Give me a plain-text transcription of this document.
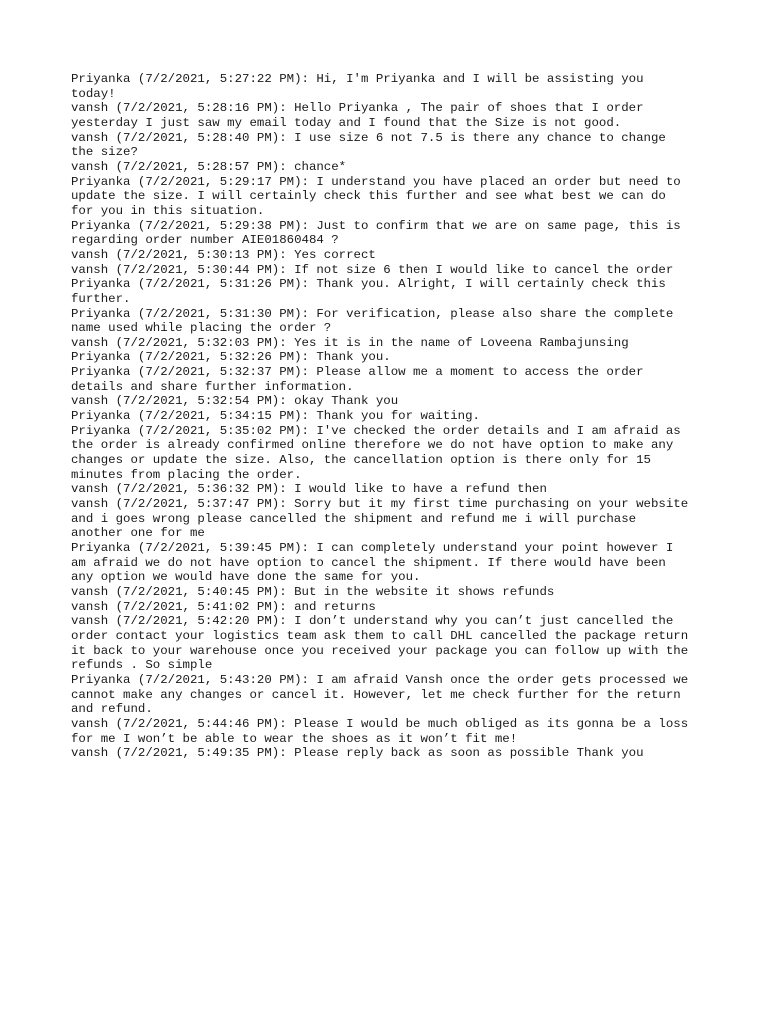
Priyanka (7/2/2021, 5:27:22 PM): Hi, I'm Priyanka and I will be assisting you
today!

vansh (7/2/2021, 5:28:16 PM): Hello Priyanka , The pair of shoes that I order
yesterday I just saw my email today and I found that the Size is not good.

vansh (7/2/2021, 5:28:40 PM): I use size 6 not 7.5 is there any chance to change
the size?

vansh (7/2/2021, 5:28:57 PM): chance*

Priyanka (7/2/2021, 5:29:17 PM): I understand you have placed an order but need to
update the size. I will certainly check this further and see what best we can do
for you in this situation.

Priyanka (7/2/2021, 5:29:38 PM): Just to confirm that we are on same page, this is
regarding order number AIE01860484 ?

vansh (7/2/2021, 5:30:13 PM): Yes correct

vansh (7/2/2021, 5:30:44 PM): If not size 6 then I would like to cancel the order

Priyanka (7/2/2021, 5:31:26 PM): Thank you. Alright, I will certainly check this
further.

Priyanka (7/2/2021, 5:31:30 PM): For verification, please also share the complete
name used while placing the order ?

vansh (7/2/2021, 5:32:03 PM): Yes it is in the name of Loveena Rambajunsing

Priyanka (7/2/2021, 5:32:26 PM): Thank you.

Priyanka (7/2/2021, 5:32:37 PM): Please allow me a moment to access the order
details and share further information.

vansh (7/2/2021, 5:32:54 PM): okay Thank you

Priyanka (7/2/2021, 5:34:15 PM): Thank you for waiting.

Priyanka (7/2/2021, 5:35:02 PM): I've checked the order details and I am afraid as
the order is already confirmed online therefore we do not have option to make any
changes or update the size. Also, the cancellation option is there only for 15
minutes from placing the order.

vansh (7/2/2021, 5:36:32 PM): I would like to have a refund then

vansh (7/2/2021, 5:37:47 PM): Sorry but it my first time purchasing on your website
and i goes wrong please cancelled the shipment and refund me i will purchase
another one for me

Priyanka (7/2/2021, 5:39:45 PM): I can completely understand your point however I
am afraid we do not have option to cancel the shipment. If there would have been
any option we would have done the same for you.

vansh (7/2/2021, 5:40:45 PM): But in the website it shows refunds

vansh (7/2/2021, 5:41:02 PM): and returns

vansh (7/2/2021, 5:42:20 PM): I don’t understand why you can’t just cancelled the
order contact your logistics team ask them to call DHL cancelled the package return
it back to your warehouse once you received your package you can follow up with the
refunds . So simple

Priyanka (7/2/2021, 5:43:20 PM): I am afraid Vansh once the order gets processed we
cannot make any changes or cancel it. However, let me check further for the return
and refund.

vansh (7/2/2021, 5:44:46 PM): Please I would be much obliged as its gonna be a loss
for me I won’t be able to wear the shoes as it won’t fit me!

vansh (7/2/2021, 5:49:35 PM): Please reply back as soon as possible Thank you
